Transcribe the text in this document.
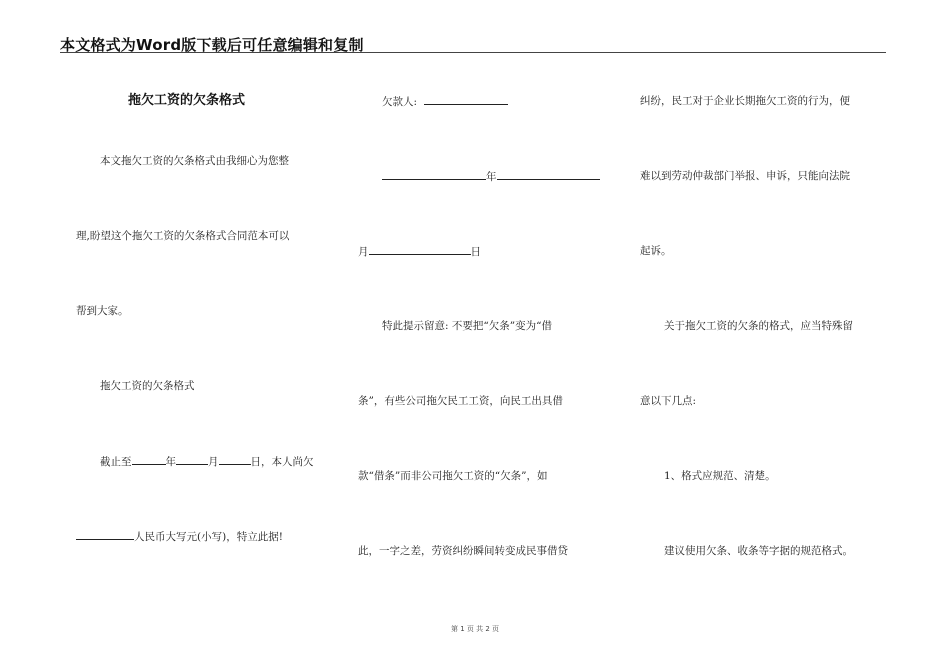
本文格式为Word版下载后可任意编辑和复制
拖欠工资的欠条格式
本文拖欠工资的欠条格式由我细心为您整
理,盼望这个拖欠工资的欠条格式合同范本可以
帮到大家。
拖欠工资的欠条格式
截止至	年	月	日，本人尚欠
人民币大写元(小写)，特立此据!
欠款人:
年
月	日
特此提示留意: 不要把“欠条”变为“借
条”，有些公司拖欠民工工资，向民工出具借
款“借条”而非公司拖欠工资的“欠条”，如
此，一字之差，劳资纠纷瞬间转变成民事借贷
纠纷，民工对于企业长期拖欠工资的行为，便
难以到劳动仲裁部门举报、申诉，只能向法院
起诉。
关于拖欠工资的欠条的格式，应当特殊留
意以下几点:
1、格式应规范、清楚。
建议使用欠条、收条等字据的规范格式。
第 1 页 共 2 页
